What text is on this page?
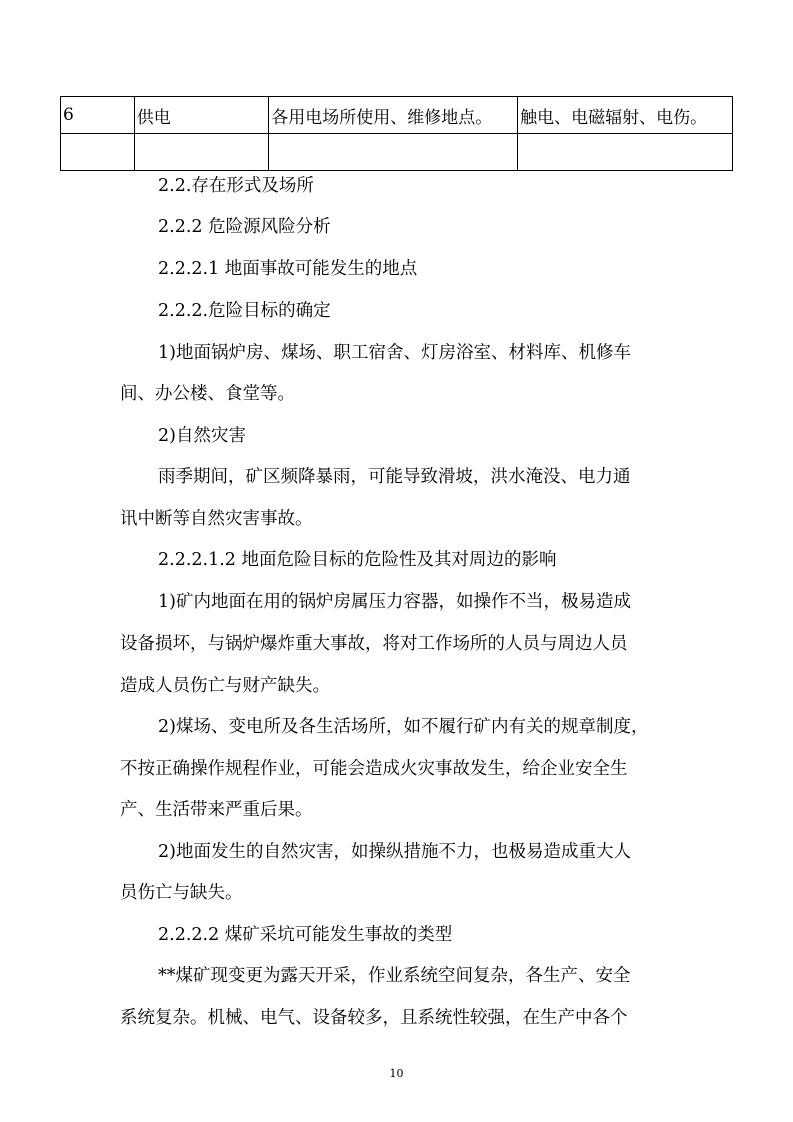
6	供电	各用电场所使用、维修地点。	触电、电磁辐射、电伤。

2.2.存在形式及场所
2.2.2 危险源风险分析
2.2.2.1 地面事故可能发生的地点
2.2.2.危险目标的确定
1)地面锅炉房、煤场、职工宿舍、灯房浴室、材料库、机修车
间、办公楼、食堂等。
2)自然灾害
雨季期间，矿区频降暴雨，可能导致滑坡，洪水淹没、电力通
讯中断等自然灾害事故。
2.2.2.1.2 地面危险目标的危险性及其对周边的影响
1)矿内地面在用的锅炉房属压力容器，如操作不当，极易造成
设备损坏，与锅炉爆炸重大事故，将对工作场所的人员与周边人员
造成人员伤亡与财产缺失。
2)煤场、变电所及各生活场所，如不履行矿内有关的规章制度，
不按正确操作规程作业，可能会造成火灾事故发生，给企业安全生
产、生活带来严重后果。
2)地面发生的自然灾害，如操纵措施不力，也极易造成重大人
员伤亡与缺失。
2.2.2.2 煤矿采坑可能发生事故的类型
**煤矿现变更为露天开采，作业系统空间复杂，各生产、安全
系统复杂。机械、电气、设备较多，且系统性较强，在生产中各个
10
